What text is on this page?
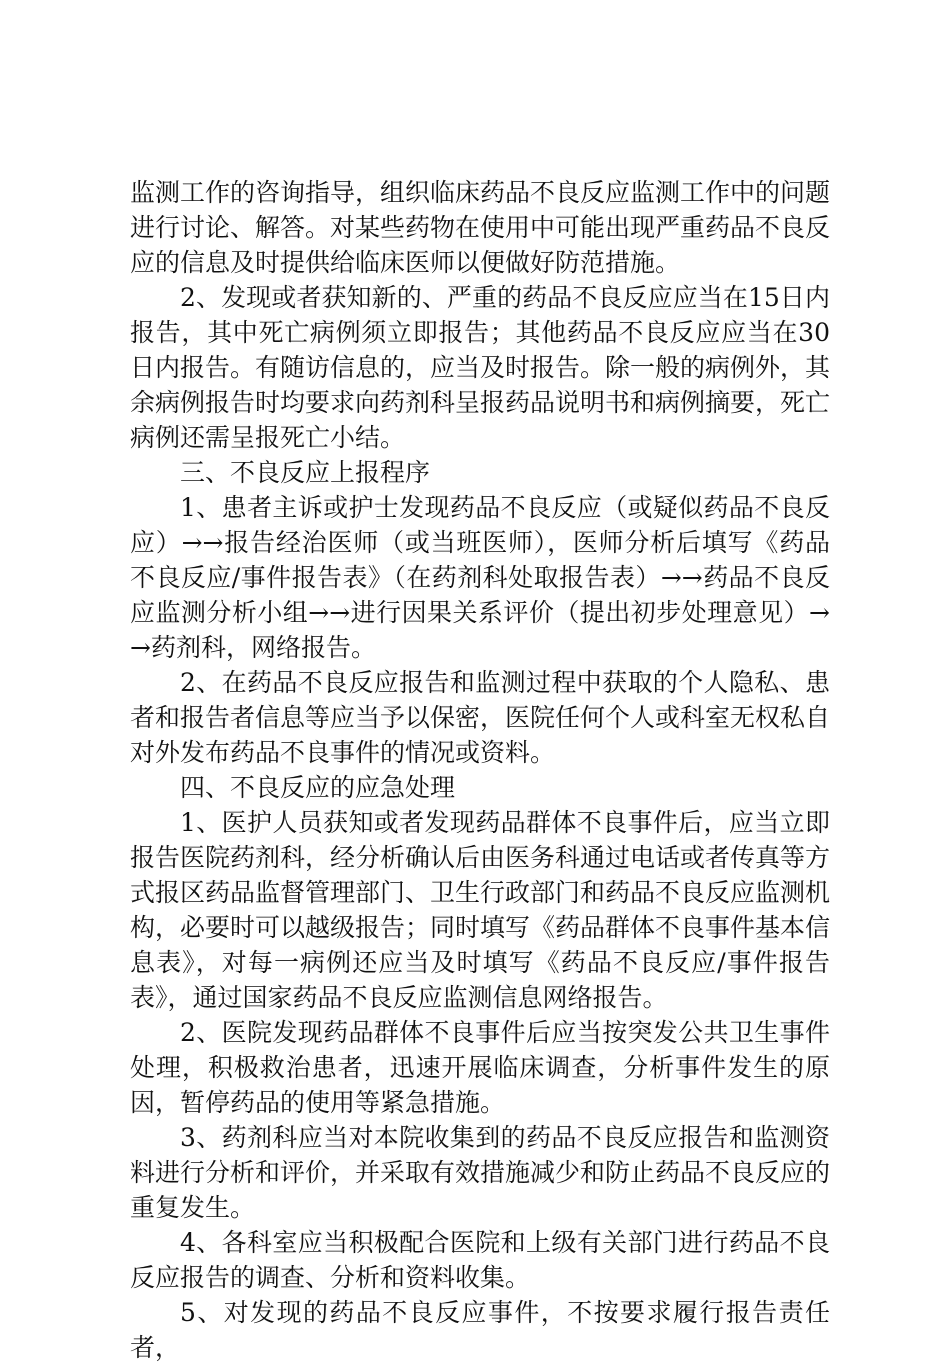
监测工作的咨询指导，组织临床药品不良反应监测工作中的问题进行讨论、解答。对某些药物在使用中可能出现严重药品不良反应的信息及时提供给临床医师以便做好防范措施。

2、发现或者获知新的、严重的药品不良反应应当在15日内报告，其中死亡病例须立即报告；其他药品不良反应应当在30日内报告。有随访信息的，应当及时报告。除一般的病例外，其余病例报告时均要求向药剂科呈报药品说明书和病例摘要，死亡病例还需呈报死亡小结。

三、不良反应上报程序

1、患者主诉或护士发现药品不良反应（或疑似药品不良反应）→→报告经治医师（或当班医师），医师分析后填写《药品不良反应/事件报告表》（在药剂科处取报告表）→→药品不良反应监测分析小组→→进行因果关系评价（提出初步处理意见）→→药剂科，网络报告。

2、在药品不良反应报告和监测过程中获取的个人隐私、患者和报告者信息等应当予以保密，医院任何个人或科室无权私自对外发布药品不良事件的情况或资料。

四、不良反应的应急处理

1、医护人员获知或者发现药品群体不良事件后，应当立即报告医院药剂科，经分析确认后由医务科通过电话或者传真等方式报区药品监督管理部门、卫生行政部门和药品不良反应监测机构，必要时可以越级报告；同时填写《药品群体不良事件基本信息表》，对每一病例还应当及时填写《药品不良反应/事件报告表》，通过国家药品不良反应监测信息网络报告。

2、医院发现药品群体不良事件后应当按突发公共卫生事件处理，积极救治患者，迅速开展临床调查，分析事件发生的原因，暂停药品的使用等紧急措施。

3、药剂科应当对本院收集到的药品不良反应报告和监测资料进行分析和评价，并采取有效措施减少和防止药品不良反应的重复发生。

4、各科室应当积极配合医院和上级有关部门进行药品不良反应报告的调查、分析和资料收集。

5、对发现的药品不良反应事件，不按要求履行报告责任者，
